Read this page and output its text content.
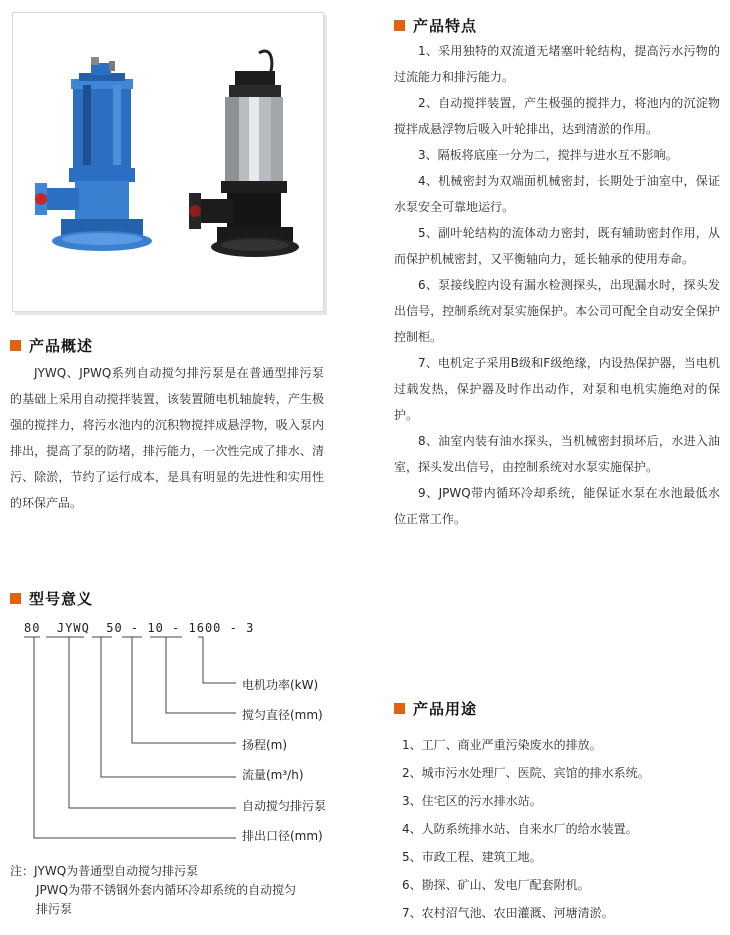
产品特点

1、采用独特的双流道无堵塞叶轮结构，提高污水污物的过流能力和排污能力。

2、自动搅拌装置，产生极强的搅拌力，将池内的沉淀物搅拌成悬浮物后吸入叶轮排出，达到清淤的作用。

3、隔板将底座一分为二，搅拌与进水互不影响。

4、机械密封为双端面机械密封，长期处于油室中，保证水泵安全可靠地运行。

5、副叶轮结构的流体动力密封，既有辅助密封作用，从而保护机械密封，又平衡轴向力，延长轴承的使用寿命。

6、泵接线腔内设有漏水检测探头，出现漏水时，探头发出信号，控制系统对泵实施保护。本公司可配全自动安全保护控制柜。

7、电机定子采用B级和F级绝缘，内设热保护器，当电机过载发热，保护器及时作出动作，对泵和电机实施绝对的保护。

8、油室内装有油水探头，当机械密封损坏后，水进入油室，探头发出信号，由控制系统对水泵实施保护。

9、JPWQ带内循环冷却系统，能保证水泵在水池最低水位正常工作。

产品概述

JYWQ、JPWQ系列自动搅匀排污泵是在普通型排污泵的基础上采用自动搅拌装置，该装置随电机轴旋转，产生极强的搅拌力，将污水池内的沉积物搅拌成悬浮物，吸入泵内排出，提高了泵的防堵，排污能力，一次性完成了排水、清污、除淤，节约了运行成本，是具有明显的先进性和实用性的环保产品。

型号意义
80  JYWQ  50 - 10 - 1600 - 3
电机功率(kW)
搅匀直径(mm)
扬程(m)
流量(m³/h)
自动搅匀排污泵
排出口径(mm)
注：JYWQ为普通型自动搅匀排污泵
JPWQ为带不锈钢外套内循环冷却系统的自动搅匀
排污泵
产品用途
1、工厂、商业严重污染废水的排放。
2、城市污水处理厂、医院、宾馆的排水系统。
3、住宅区的污水排水站。
4、人防系统排水站、自来水厂的给水装置。
5、市政工程、建筑工地。
6、勘探、矿山、发电厂配套附机。
7、农村沼气池、农田灌溉、河塘清淤。
